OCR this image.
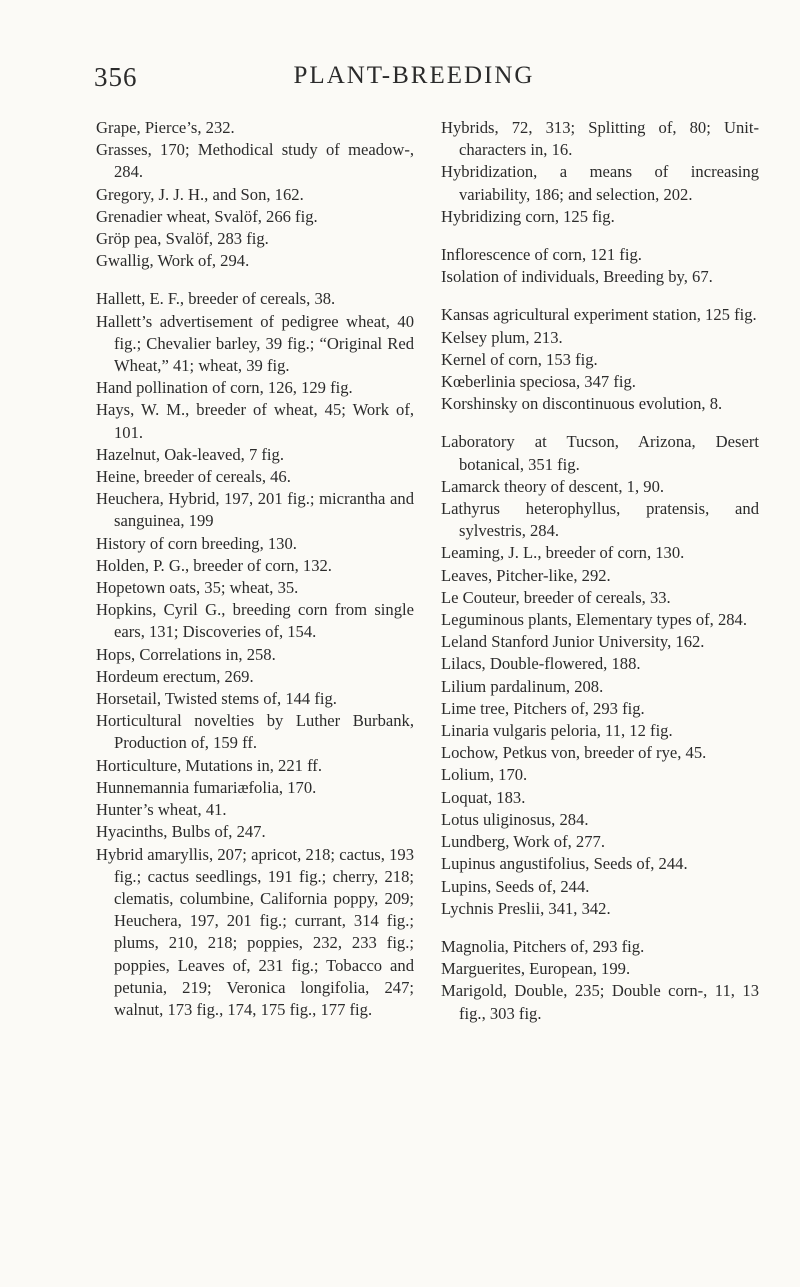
356	PLANT-BREEDING
Grape, Pierce’s, 232.
Grasses, 170; Methodical study of meadow-, 284.
Gregory, J. J. H., and Son, 162.
Grenadier wheat, Svalöf, 266 fig.
Gröp pea, Svalöf, 283 fig.
Gwallig, Work of, 294.
Hallett, E. F., breeder of cereals, 38.
Hallett’s advertisement of pedigree wheat, 40 fig.; Chevalier barley, 39 fig.; “Original Red Wheat,” 41; wheat, 39 fig.
Hand pollination of corn, 126, 129 fig.
Hays, W. M., breeder of wheat, 45; Work of, 101.
Hazelnut, Oak-leaved, 7 fig.
Heine, breeder of cereals, 46.
Heuchera, Hybrid, 197, 201 fig.; micrantha and sanguinea, 199
History of corn breeding, 130.
Holden, P. G., breeder of corn, 132.
Hopetown oats, 35; wheat, 35.
Hopkins, Cyril G., breeding corn from single ears, 131; Discoveries of, 154.
Hops, Correlations in, 258.
Hordeum erectum, 269.
Horsetail, Twisted stems of, 144 fig.
Horticultural novelties by Luther Burbank, Production of, 159 ff.
Horticulture, Mutations in, 221 ff.
Hunnemannia fumariæfolia, 170.
Hunter’s wheat, 41.
Hyacinths, Bulbs of, 247.
Hybrid amaryllis, 207; apricot, 218; cactus, 193 fig.; cactus seedlings, 191 fig.; cherry, 218; clematis, columbine, California poppy, 209; Heuchera, 197, 201 fig.; currant, 314 fig.; plums, 210, 218; poppies, 232, 233 fig.; poppies, Leaves of, 231 fig.; Tobacco and petunia, 219; Veronica longifolia, 247; walnut, 173 fig., 174, 175 fig., 177 fig.
Hybrids, 72, 313; Splitting of, 80; Unit-characters in, 16.
Hybridization, a means of increasing variability, 186; and selection, 202.
Hybridizing corn, 125 fig.
Inflorescence of corn, 121 fig.
Isolation of individuals, Breeding by, 67.
Kansas agricultural experiment station, 125 fig.
Kelsey plum, 213.
Kernel of corn, 153 fig.
Kœberlinia speciosa, 347 fig.
Korshinsky on discontinuous evolution, 8.
Laboratory at Tucson, Arizona, Desert botanical, 351 fig.
Lamarck theory of descent, 1, 90.
Lathyrus heterophyllus, pratensis, and sylvestris, 284.
Leaming, J. L., breeder of corn, 130.
Leaves, Pitcher-like, 292.
Le Couteur, breeder of cereals, 33.
Leguminous plants, Elementary types of, 284.
Leland Stanford Junior University, 162.
Lilacs, Double-flowered, 188.
Lilium pardalinum, 208.
Lime tree, Pitchers of, 293 fig.
Linaria vulgaris peloria, 11, 12 fig.
Lochow, Petkus von, breeder of rye, 45.
Lolium, 170.
Loquat, 183.
Lotus uliginosus, 284.
Lundberg, Work of, 277.
Lupinus angustifolius, Seeds of, 244.
Lupins, Seeds of, 244.
Lychnis Preslii, 341, 342.
Magnolia, Pitchers of, 293 fig.
Marguerites, European, 199.
Marigold, Double, 235; Double corn-, 11, 13 fig., 303 fig.
